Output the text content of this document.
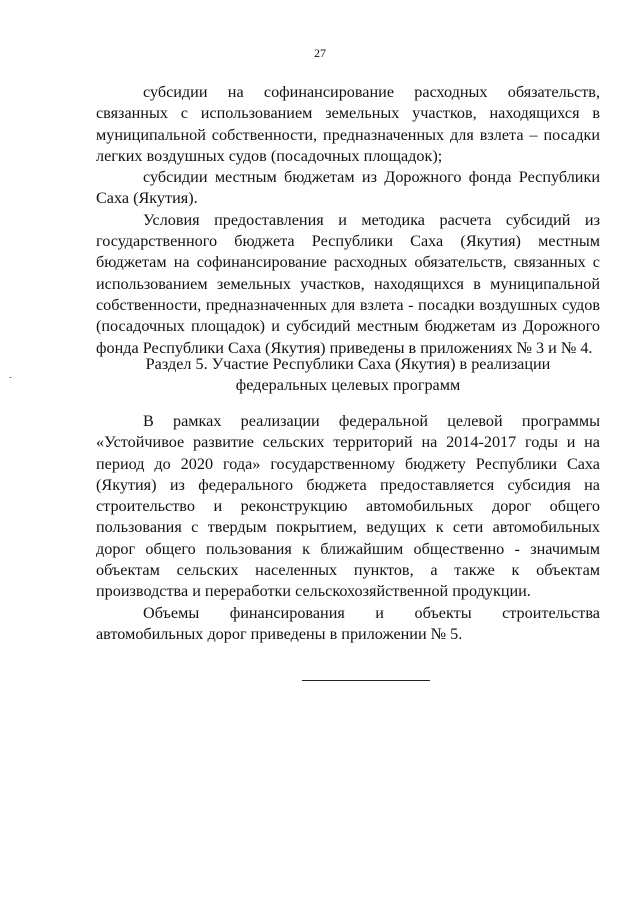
27

субсидии на софинансирование расходных обязательств, связанных с использованием земельных участков, находящихся в муниципальной собственности, предназначенных для взлета – посадки легких воздушных судов (посадочных площадок);

субсидии местным бюджетам из Дорожного фонда Республики Саха (Якутия).

Условия предоставления и методика расчета субсидий из государственного бюджета Республики Саха (Якутия) местным бюджетам на софинансирование расходных обязательств, связанных с использованием земельных участков, находящихся в муниципальной собственности, предназначенных для взлета - посадки воздушных судов (посадочных площадок) и субсидий местным бюджетам из Дорожного фонда Республики Саха (Якутия) приведены в приложениях № 3 и № 4.

Раздел 5. Участие Республики Саха (Якутия) в реализации
федеральных целевых программ

В рамках реализации федеральной целевой программы «Устойчивое развитие сельских территорий на 2014-2017 годы и на период до 2020 года» государственному бюджету Республики Саха (Якутия) из федерального бюджета предоставляется субсидия на строительство и реконструкцию автомобильных дорог общего пользования с твердым покрытием, ведущих к сети автомобильных дорог общего пользования к ближайшим общественно - значимым объектам сельских населенных пунктов, а также к объектам производства и переработки сельскохозяйственной продукции.

Объемы финансирования и объекты строительства автомобильных дорог приведены в приложении № 5.
